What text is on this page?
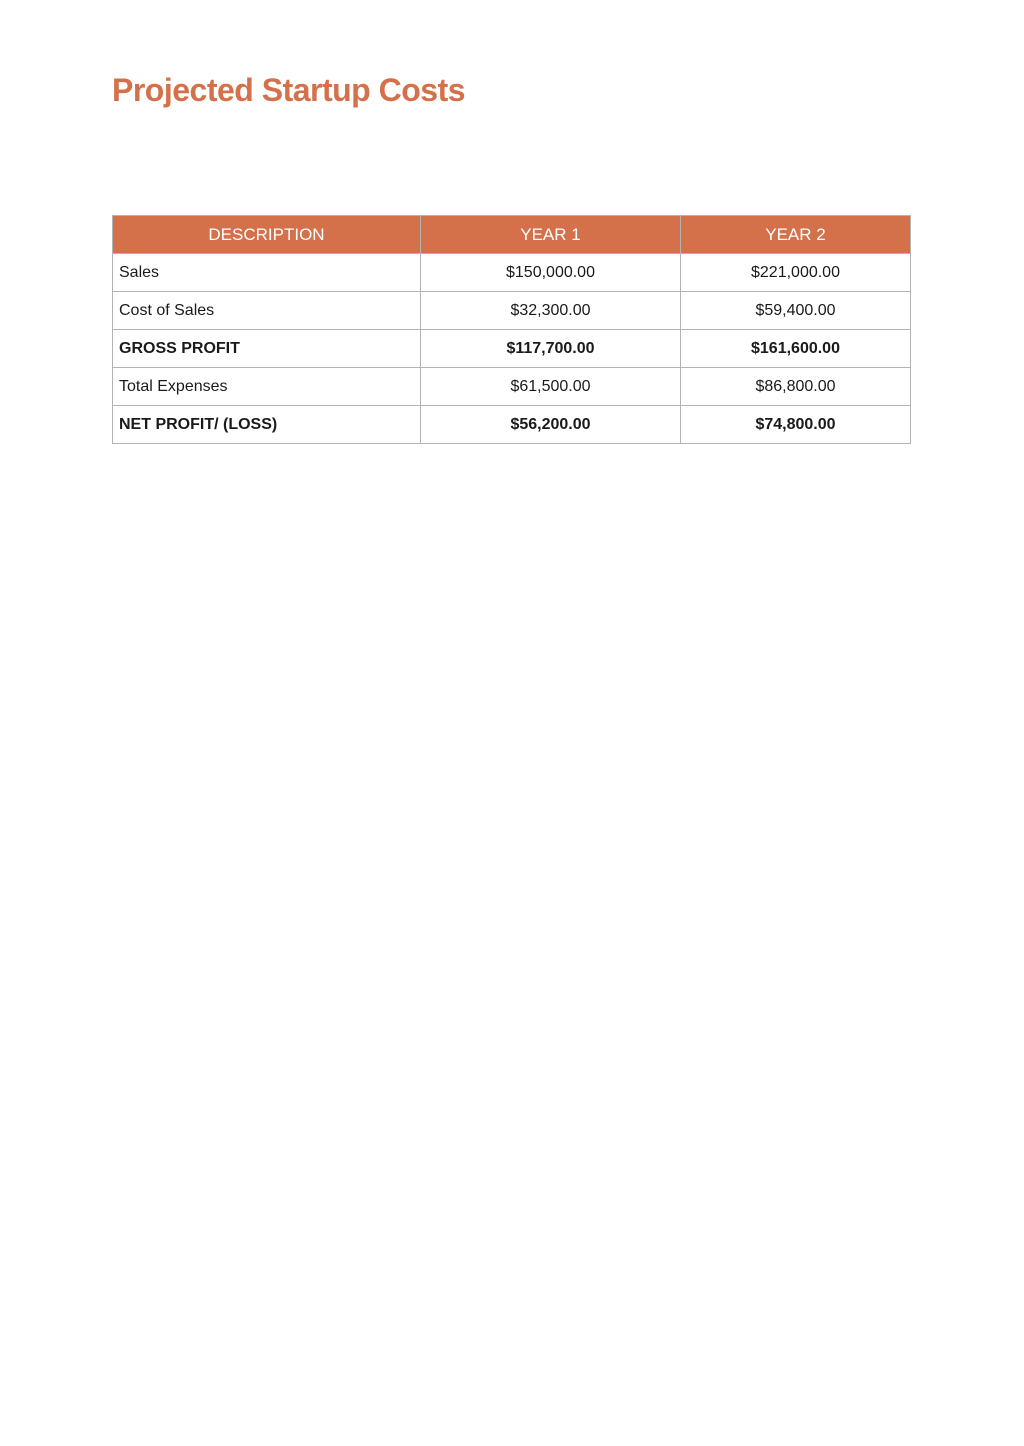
Projected Startup Costs
DESCRIPTION	YEAR 1	YEAR 2
Sales	$150,000.00	$221,000.00
Cost of Sales	$32,300.00	$59,400.00
GROSS PROFIT	$117,700.00	$161,600.00
Total Expenses	$61,500.00	$86,800.00
NET PROFIT/ (LOSS)	$56,200.00	$74,800.00
